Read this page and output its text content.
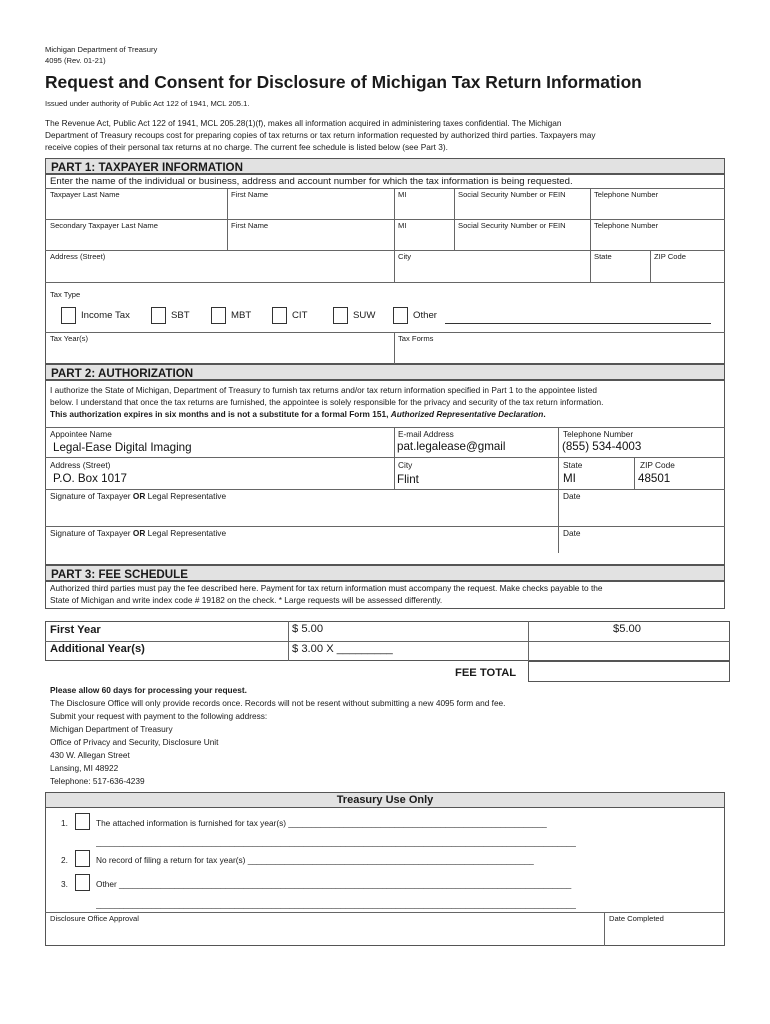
Michigan Department of Treasury
4095 (Rev. 01-21)
Request and Consent for Disclosure of Michigan Tax Return Information
Issued under authority of Public Act 122 of 1941, MCL 205.1.
The Revenue Act, Public Act 122 of 1941, MCL 205.28(1)(f), makes all information acquired in administering taxes confidential. The Michigan
Department of Treasury recoups cost for preparing copies of tax returns or tax return information requested by authorized third parties. Taxpayers may
receive copies of their personal tax returns at no charge. The current fee schedule is listed below (see Part 3).
PART 1: TAXPAYER INFORMATION
Enter the name of the individual or business, address and account number for which the tax information is being requested.
Taxpayer Last Name	First Name	MI	Social Security Number or FEIN	Telephone Number
Secondary Taxpayer Last Name	First Name	MI	Social Security Number or FEIN	Telephone Number
Address (Street)	City	State	ZIP Code
Tax Type
Income Tax	SBT	MBT	CIT	SUW	Other
Tax Year(s)	Tax Forms
PART 2: AUTHORIZATION
I authorize the State of Michigan, Department of Treasury to furnish tax returns and/or tax return information specified in Part 1 to the appointee listed
below. I understand that once the tax returns are furnished, the appointee is solely responsible for the privacy and security of the tax return information.
This authorization expires in six months and is not a substitute for a formal Form 151, Authorized Representative Declaration.
Appointee Name	E-mail Address	Telephone Number
Legal-Ease Digital Imaging	pat.legalease@gmail	(855) 534-4003
Address (Street)	City	State	ZIP Code
P.O. Box 1017	Flint	MI	48501
Signature of Taxpayer OR Legal Representative	Date
Signature of Taxpayer OR Legal Representative	Date
PART 3: FEE SCHEDULE
Authorized third parties must pay the fee described here. Payment for tax return information must accompany the request. Make checks payable to the
State of Michigan and write index code # 19182 on the check. * Large requests will be assessed differently.
First Year	$ 5.00	$5.00
Additional Year(s)	$ 3.00 X _________
FEE TOTAL
Please allow 60 days for processing your request.
The Disclosure Office will only provide records once. Records will not be resent without submitting a new 4095 form and fee.
Submit your request with payment to the following address:
Michigan Department of Treasury
Office of Privacy and Security, Disclosure Unit
430 W. Allegan Street
Lansing, MI 48922
Telephone: 517-636-4239
Treasury Use Only
1.	The attached information is furnished for tax year(s) ________________________________________________________
________________________________________________________________________________________________________
2.	No record of filing a return for tax year(s) ______________________________________________________________
3.	Other __________________________________________________________________________________________________
________________________________________________________________________________________________________
Disclosure Office Approval	Date Completed
